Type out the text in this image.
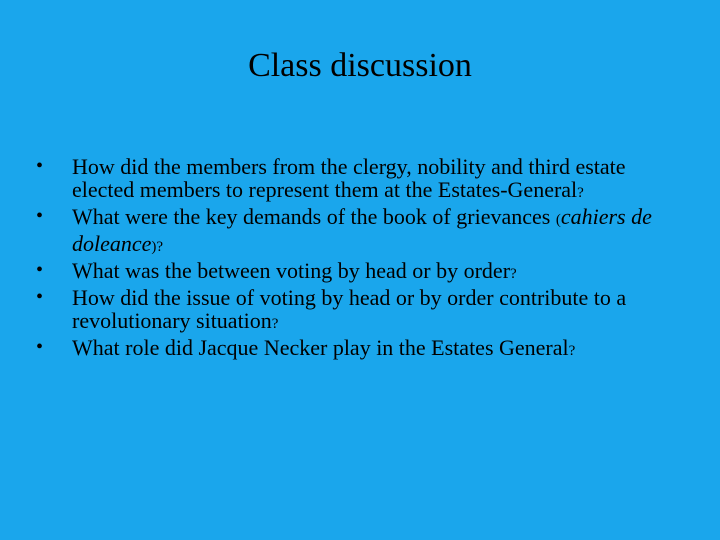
Class discussion
• How did the members from the clergy, nobility and third estate elected members to represent them at the Estates-General?
• What were the key demands of the book of grievances (cahiers de doleance)?
• What was the between voting by head or by order?
• How did the issue of voting by head or by order contribute to a revolutionary situation?
• What role did Jacque Necker play in the Estates General?
